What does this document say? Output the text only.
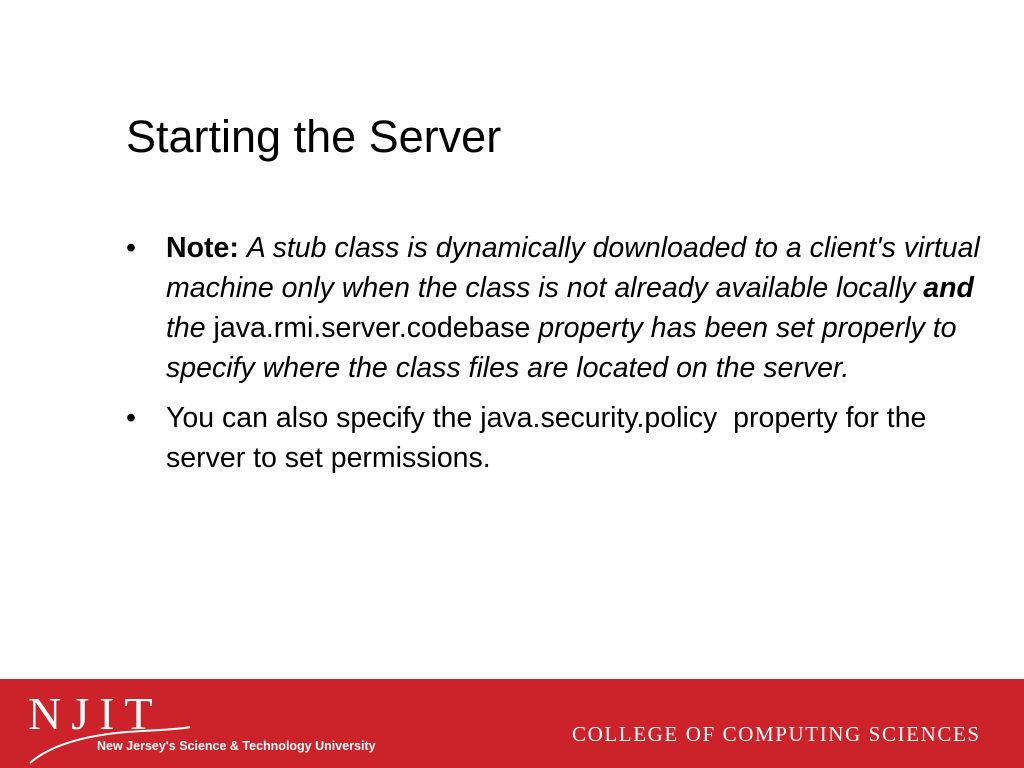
Starting the Server
• Note: A stub class is dynamically downloaded to a client's virtual machine only when the class is not already available locally and the java.rmi.server.codebase property has been set properly to specify where the class files are located on the server.
• You can also specify the java.security.policy  property for the server to set permissions.
NJIT
New Jersey's Science & Technology University	COLLEGE OF COMPUTING SCIENCES
